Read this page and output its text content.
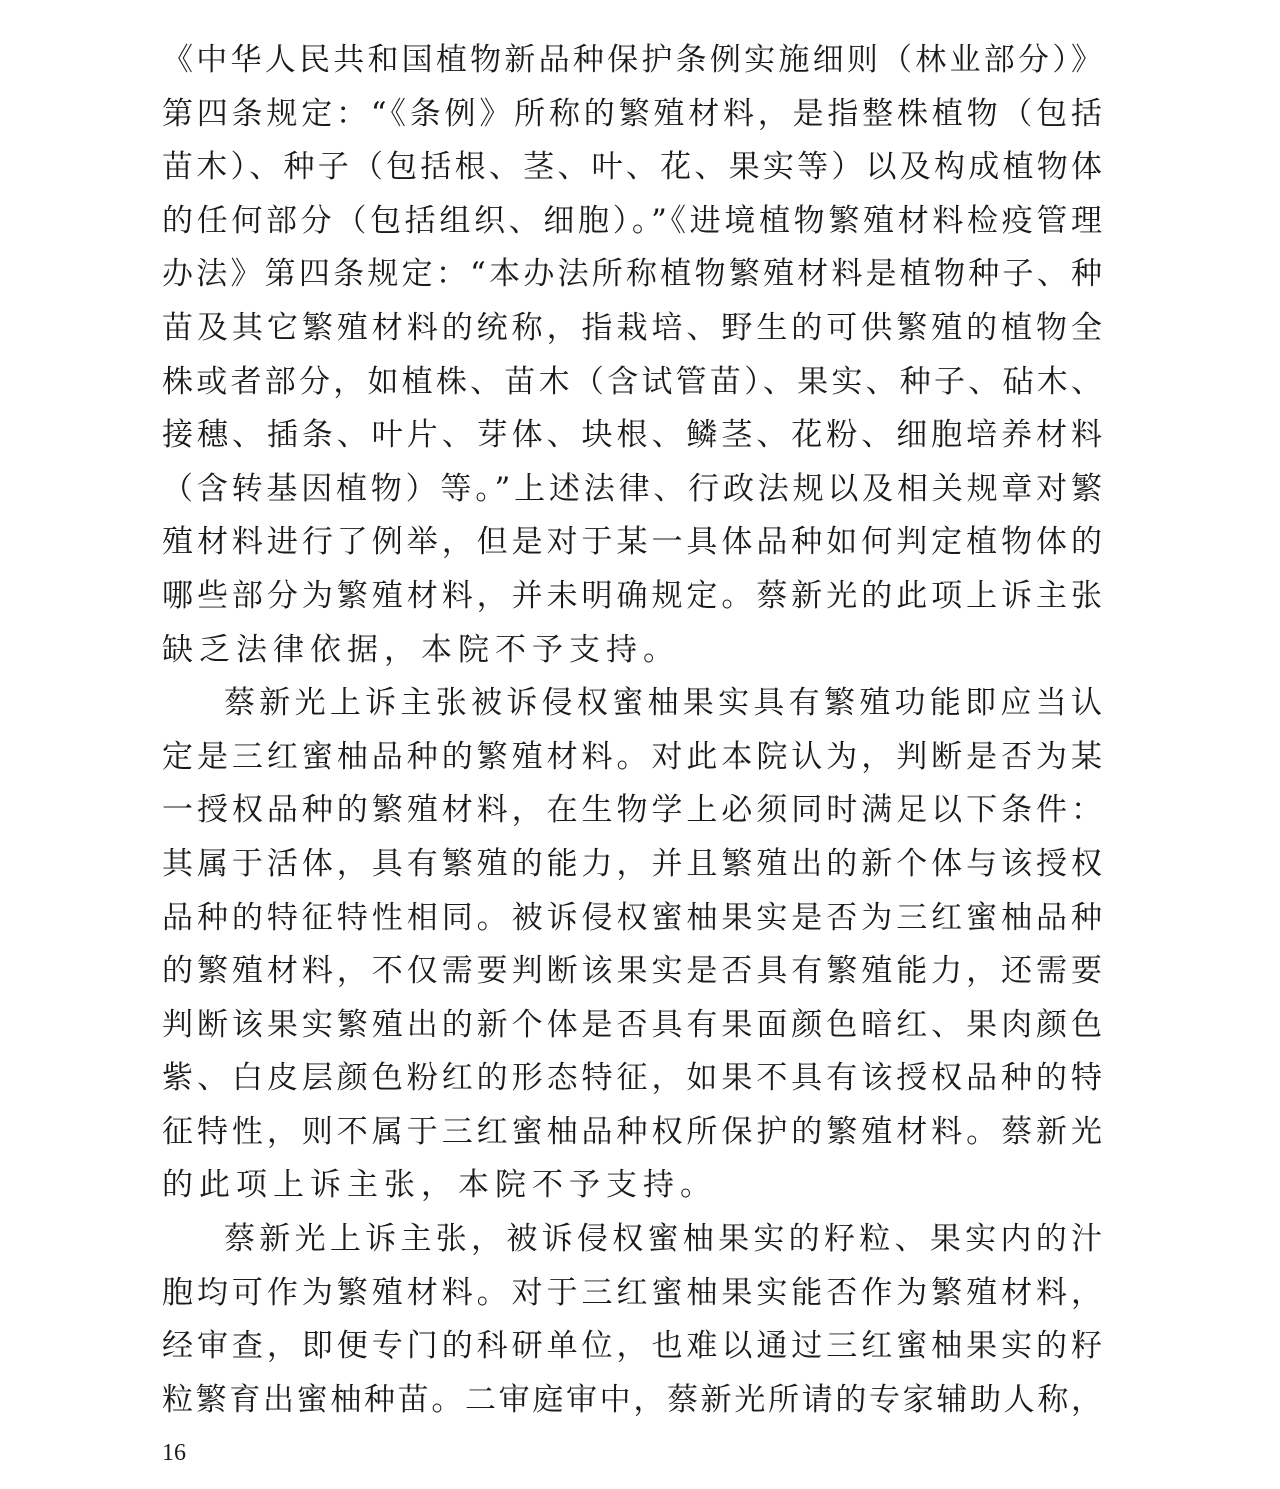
《中华人民共和国植物新品种保护条例实施细则（林业部分）》
第四条规定：“《条例》所称的繁殖材料，是指整株植物（包括
苗木）、种子（包括根、茎、叶、花、果实等）以及构成植物体
的任何部分（包括组织、细胞）。”《进境植物繁殖材料检疫管理
办法》第四条规定：“本办法所称植物繁殖材料是植物种子、种
苗及其它繁殖材料的统称，指栽培、野生的可供繁殖的植物全
株或者部分，如植株、苗木（含试管苗）、果实、种子、砧木、
接穗、插条、叶片、芽体、块根、鳞茎、花粉、细胞培养材料
（含转基因植物）等。”上述法律、行政法规以及相关规章对繁
殖材料进行了例举，但是对于某一具体品种如何判定植物体的
哪些部分为繁殖材料，并未明确规定。蔡新光的此项上诉主张
缺乏法律依据，本院不予支持。
蔡新光上诉主张被诉侵权蜜柚果实具有繁殖功能即应当认
定是三红蜜柚品种的繁殖材料。对此本院认为，判断是否为某
一授权品种的繁殖材料，在生物学上必须同时满足以下条件：
其属于活体，具有繁殖的能力，并且繁殖出的新个体与该授权
品种的特征特性相同。被诉侵权蜜柚果实是否为三红蜜柚品种
的繁殖材料，不仅需要判断该果实是否具有繁殖能力，还需要
判断该果实繁殖出的新个体是否具有果面颜色暗红、果肉颜色
紫、白皮层颜色粉红的形态特征，如果不具有该授权品种的特
征特性，则不属于三红蜜柚品种权所保护的繁殖材料。蔡新光
的此项上诉主张，本院不予支持。
蔡新光上诉主张，被诉侵权蜜柚果实的籽粒、果实内的汁
胞均可作为繁殖材料。对于三红蜜柚果实能否作为繁殖材料，
经审查，即便专门的科研单位，也难以通过三红蜜柚果实的籽
粒繁育出蜜柚种苗。二审庭审中，蔡新光所请的专家辅助人称，
16
